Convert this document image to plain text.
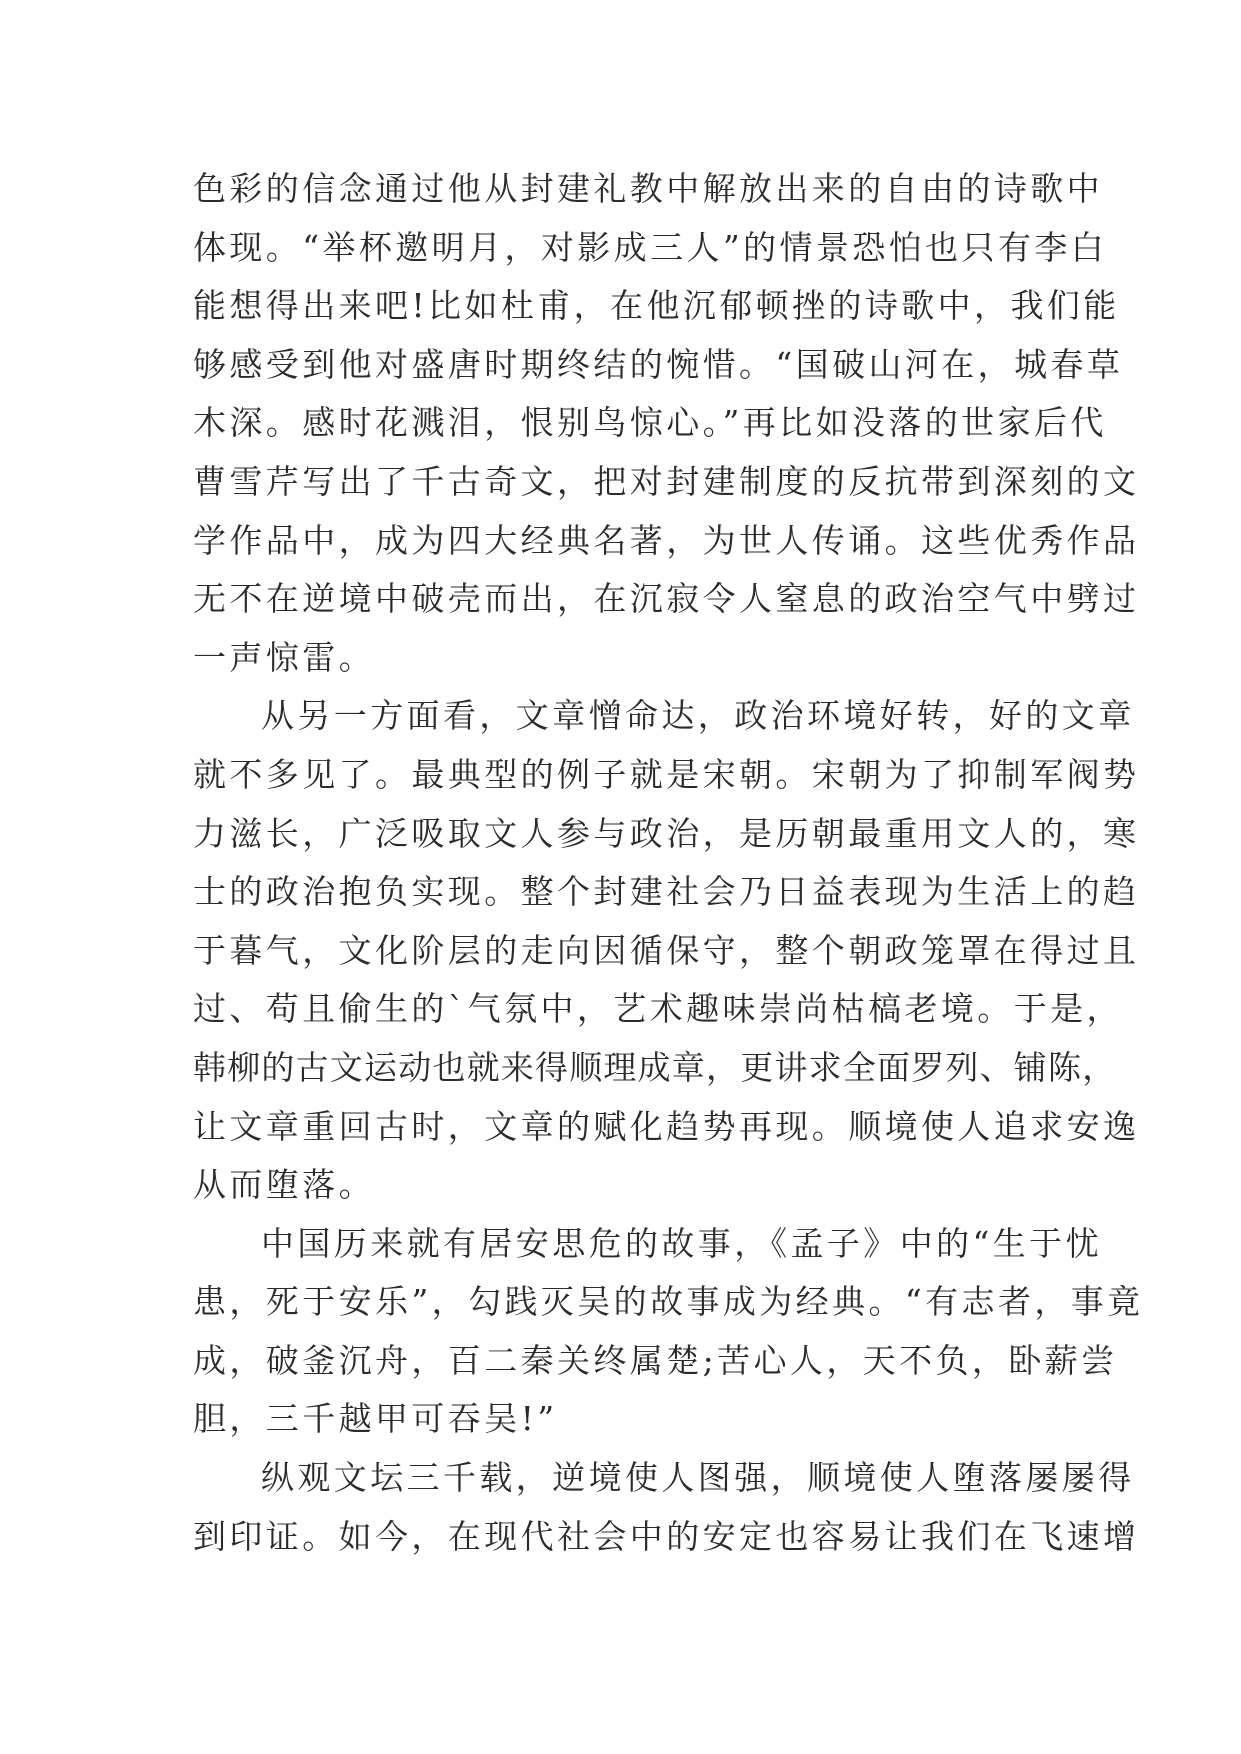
色彩的信念通过他从封建礼教中解放出来的自由的诗歌中
体现。“举杯邀明月，对影成三人”的情景恐怕也只有李白
能想得出来吧!比如杜甫，在他沉郁顿挫的诗歌中，我们能
够感受到他对盛唐时期终结的惋惜。“国破山河在，城春草
木深。感时花溅泪，恨别鸟惊心。”再比如没落的世家后代
曹雪芹写出了千古奇文，把对封建制度的反抗带到深刻的文
学作品中，成为四大经典名著，为世人传诵。这些优秀作品
无不在逆境中破壳而出，在沉寂令人窒息的政治空气中劈过
一声惊雷。
从另一方面看，文章憎命达，政治环境好转，好的文章
就不多见了。最典型的例子就是宋朝。宋朝为了抑制军阀势
力滋长，广泛吸取文人参与政治，是历朝最重用文人的，寒
士的政治抱负实现。整个封建社会乃日益表现为生活上的趋
于暮气，文化阶层的走向因循保守，整个朝政笼罩在得过且
过、苟且偷生的`气氛中，艺术趣味崇尚枯槁老境。于是，
韩柳的古文运动也就来得顺理成章，更讲求全面罗列、铺陈，
让文章重回古时，文章的赋化趋势再现。顺境使人追求安逸
从而堕落。
中国历来就有居安思危的故事，《孟子》中的“生于忧
患，死于安乐”，勾践灭吴的故事成为经典。“有志者，事竟
成，破釜沉舟，百二秦关终属楚;苦心人，天不负，卧薪尝
胆，三千越甲可吞吴!”
纵观文坛三千载，逆境使人图强，顺境使人堕落屡屡得
到印证。如今，在现代社会中的安定也容易让我们在飞速增
